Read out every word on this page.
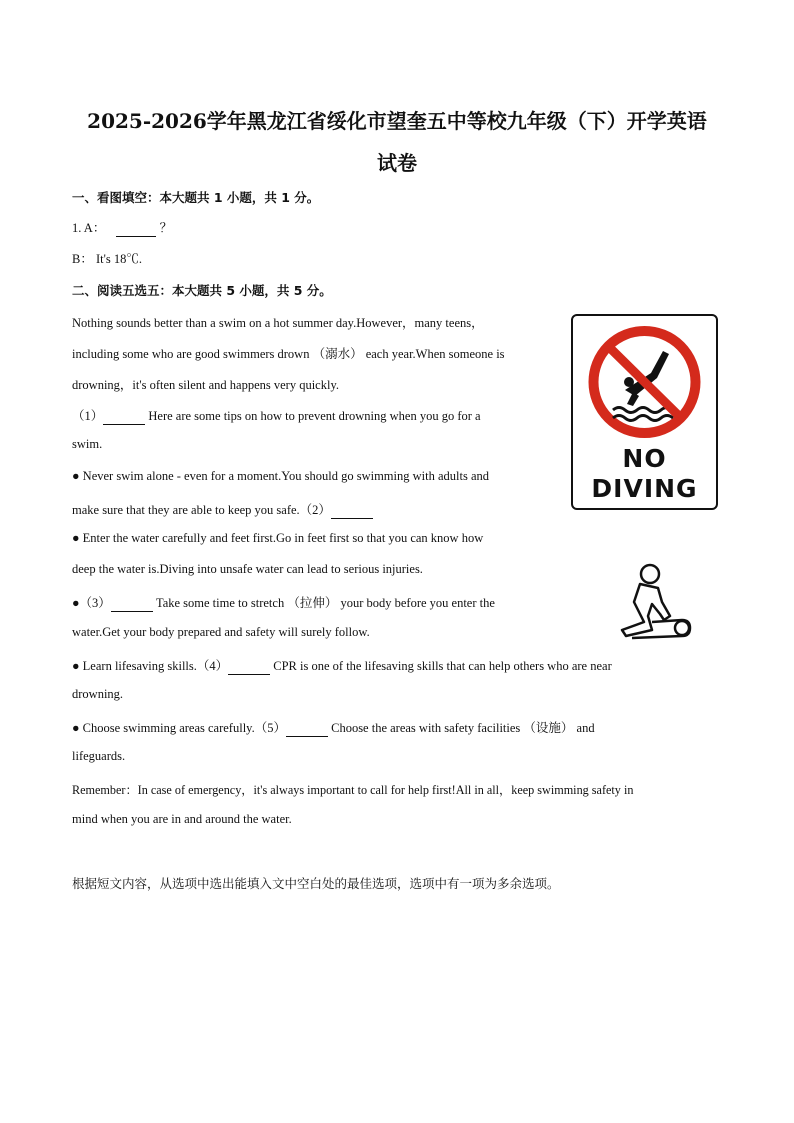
2025-2026学年黑龙江省绥化市望奎五中等校九年级（下）开学英语
试卷
一、看图填空：本大题共 1 小题，共 1 分。
1. A：	？
B： It's 18℃.
二、阅读五选五：本大题共 5 小题，共 5 分。
Nothing sounds better than a swim on a hot summer day.However，many teens，
including some who are good swimmers drown （溺水） each year.When someone is
drowning，it's often silent and happens very quickly.
（1）	Here are some tips on how to prevent drowning when you go for a
swim.
● Never swim alone - even for a moment.You should go swimming with adults and
make sure that they are able to keep you safe.（2）
● Enter the water carefully and feet first.Go in feet first so that you can know how
deep the water is.Diving into unsafe water can lead to serious injuries.
●（3）	Take some time to stretch （拉伸） your body before you enter the
water.Get your body prepared and safety will surely follow.
● Learn lifesaving skills.（4）	CPR is one of the lifesaving skills that can help others who are near
drowning.
● Choose swimming areas carefully.（5）	Choose the areas with safety facilities （设施） and
lifeguards.
Remember：In case of emergency，it's always important to call for help first!All in all，keep swimming safety in
mind when you are in and around the water.
根据短文内容，从选项中选出能填入文中空白处的最佳选项，选项中有一项为多余选项。
NO
DIVING
